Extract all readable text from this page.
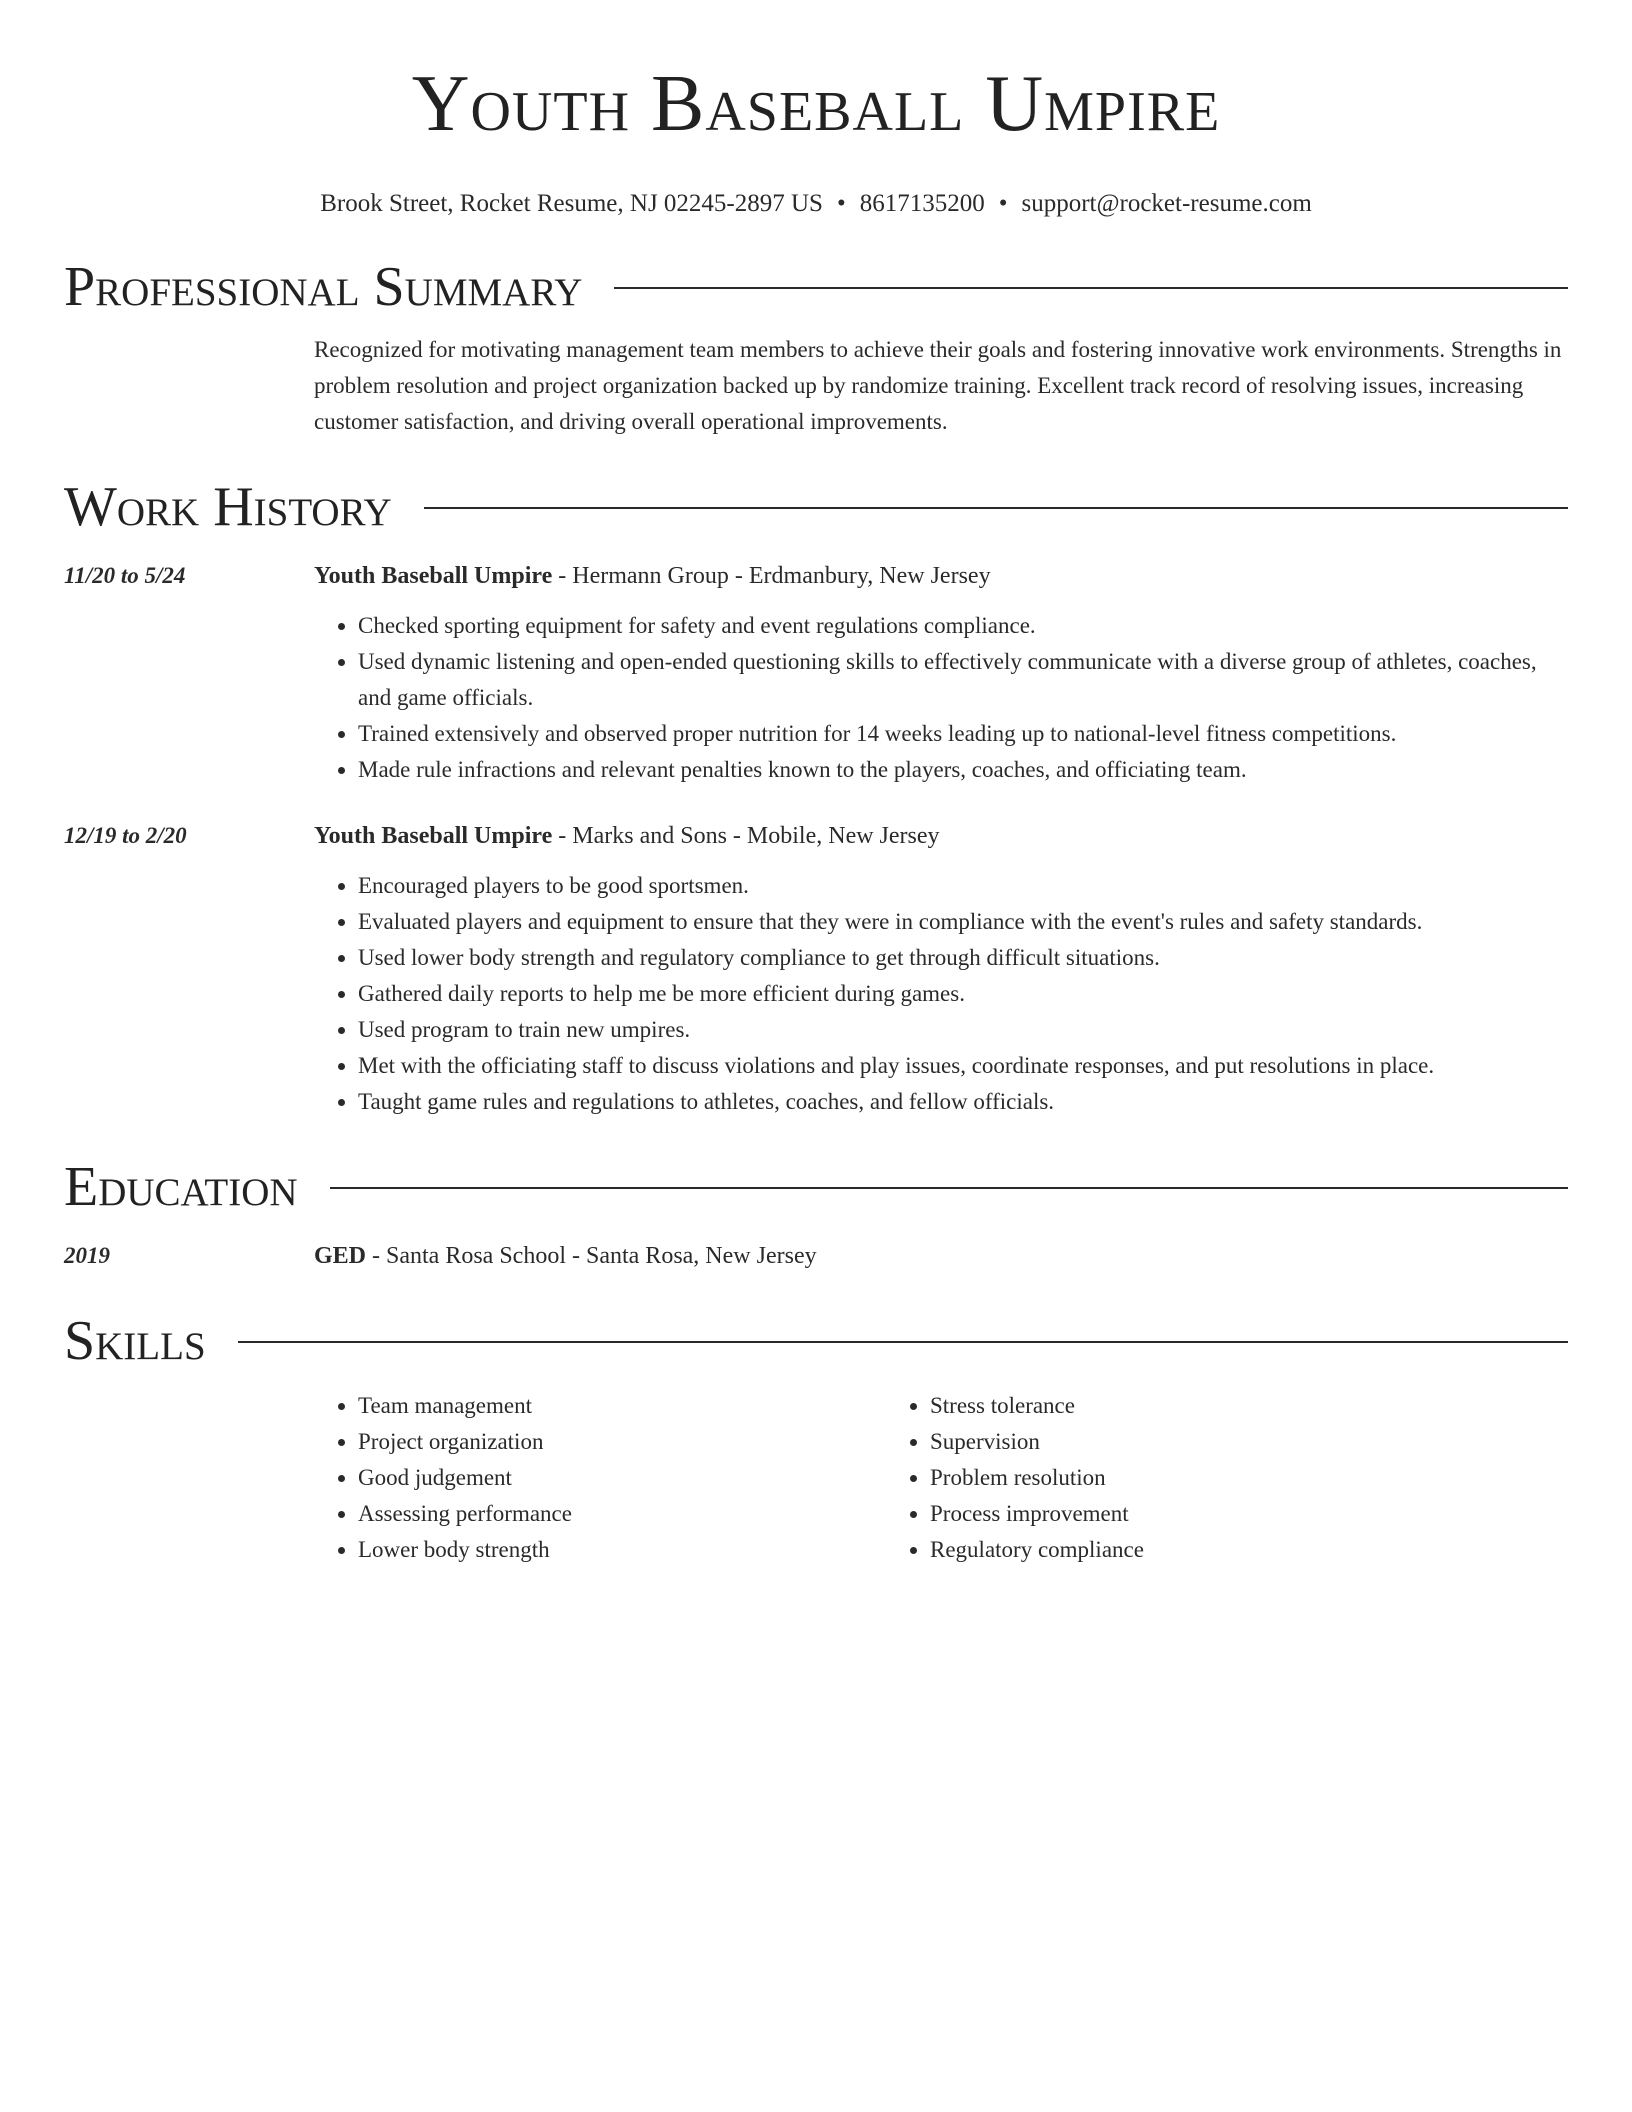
Youth Baseball Umpire
Brook Street, Rocket Resume, NJ 02245-2897 US • 8617135200 • support@rocket-resume.com
Professional Summary
Recognized for motivating management team members to achieve their goals and fostering innovative work environments. Strengths in problem resolution and project organization backed up by randomize training. Excellent track record of resolving issues, increasing customer satisfaction, and driving overall operational improvements.
Work History
11/20 to 5/24	Youth Baseball Umpire - Hermann Group - Erdmanbury, New Jersey
• Checked sporting equipment for safety and event regulations compliance.
• Used dynamic listening and open-ended questioning skills to effectively communicate with a diverse group of athletes, coaches, and game officials.
• Trained extensively and observed proper nutrition for 14 weeks leading up to national-level fitness competitions.
• Made rule infractions and relevant penalties known to the players, coaches, and officiating team.
12/19 to 2/20	Youth Baseball Umpire - Marks and Sons - Mobile, New Jersey
• Encouraged players to be good sportsmen.
• Evaluated players and equipment to ensure that they were in compliance with the event's rules and safety standards.
• Used lower body strength and regulatory compliance to get through difficult situations.
• Gathered daily reports to help me be more efficient during games.
• Used program to train new umpires.
• Met with the officiating staff to discuss violations and play issues, coordinate responses, and put resolutions in place.
• Taught game rules and regulations to athletes, coaches, and fellow officials.
Education
2019	GED - Santa Rosa School - Santa Rosa, New Jersey
Skills
• Team management
• Project organization
• Good judgement
• Assessing performance
• Lower body strength
• Stress tolerance
• Supervision
• Problem resolution
• Process improvement
• Regulatory compliance
